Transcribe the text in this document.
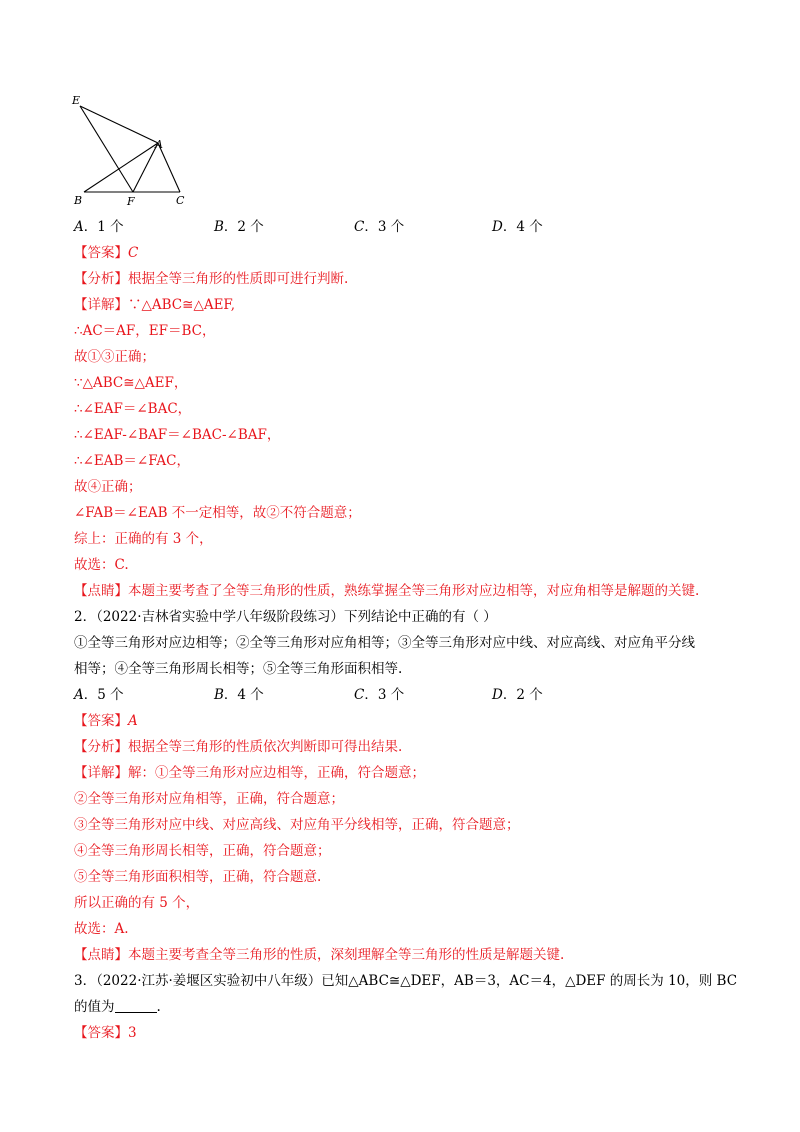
E
A
B	F	C
A．1 个	B．2 个	C．3 个	D．4 个
【答案】C
【分析】根据全等三角形的性质即可进行判断.
【详解】∵△ABC≅△AEF,
∴AC＝AF，EF＝BC，
故①③正确；
∵△ABC≅△AEF，
∴∠EAF＝∠BAC，
∴∠EAF-∠BAF＝∠BAC-∠BAF，
∴∠EAB＝∠FAC，
故④正确；
∠FAB＝∠EAB 不一定相等，故②不符合题意；
综上：正确的有 3 个，
故选：C.
【点睛】本题主要考查了全等三角形的性质，熟练掌握全等三角形对应边相等，对应角相等是解题的关键.
2．（2022·吉林省实验中学八年级阶段练习）下列结论中正确的有（ ）
①全等三角形对应边相等；②全等三角形对应角相等；③全等三角形对应中线、对应高线、对应角平分线
相等；④全等三角形周长相等；⑤全等三角形面积相等.
A．5 个	B．4 个	C．3 个	D．2 个
【答案】A
【分析】根据全等三角形的性质依次判断即可得出结果.
【详解】解：①全等三角形对应边相等，正确，符合题意；
②全等三角形对应角相等，正确，符合题意；
③全等三角形对应中线、对应高线、对应角平分线相等，正确，符合题意；
④全等三角形周长相等，正确，符合题意；
⑤全等三角形面积相等，正确，符合题意.
所以正确的有 5 个，
故选：A.
【点睛】本题主要考查全等三角形的性质，深刻理解全等三角形的性质是解题关键.
3．（2022·江苏·姜堰区实验初中八年级）已知△ABC≅△DEF，AB＝3，AC＝4，△DEF 的周长为 10，则 BC
的值为	.
【答案】3
